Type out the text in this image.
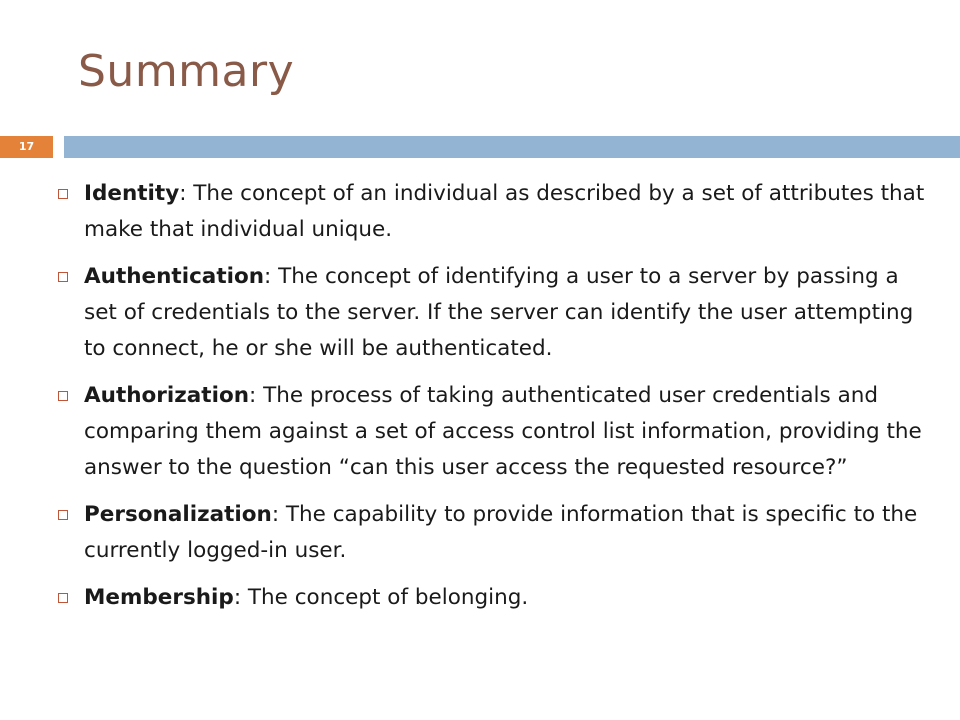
Summary
17
Identity: The concept of an individual as described by a set of attributes that make that individual unique.
Authentication: The concept of identifying a user to a server by passing a set of credentials to the server. If the server can identify the user attempting to connect, he or she will be authenticated.
Authorization: The process of taking authenticated user credentials and comparing them against a set of access control list information, providing the answer to the question “can this user access the requested resource?”
Personalization: The capability to provide information that is specific to the currently logged-in user.
Membership: The concept of belonging.
